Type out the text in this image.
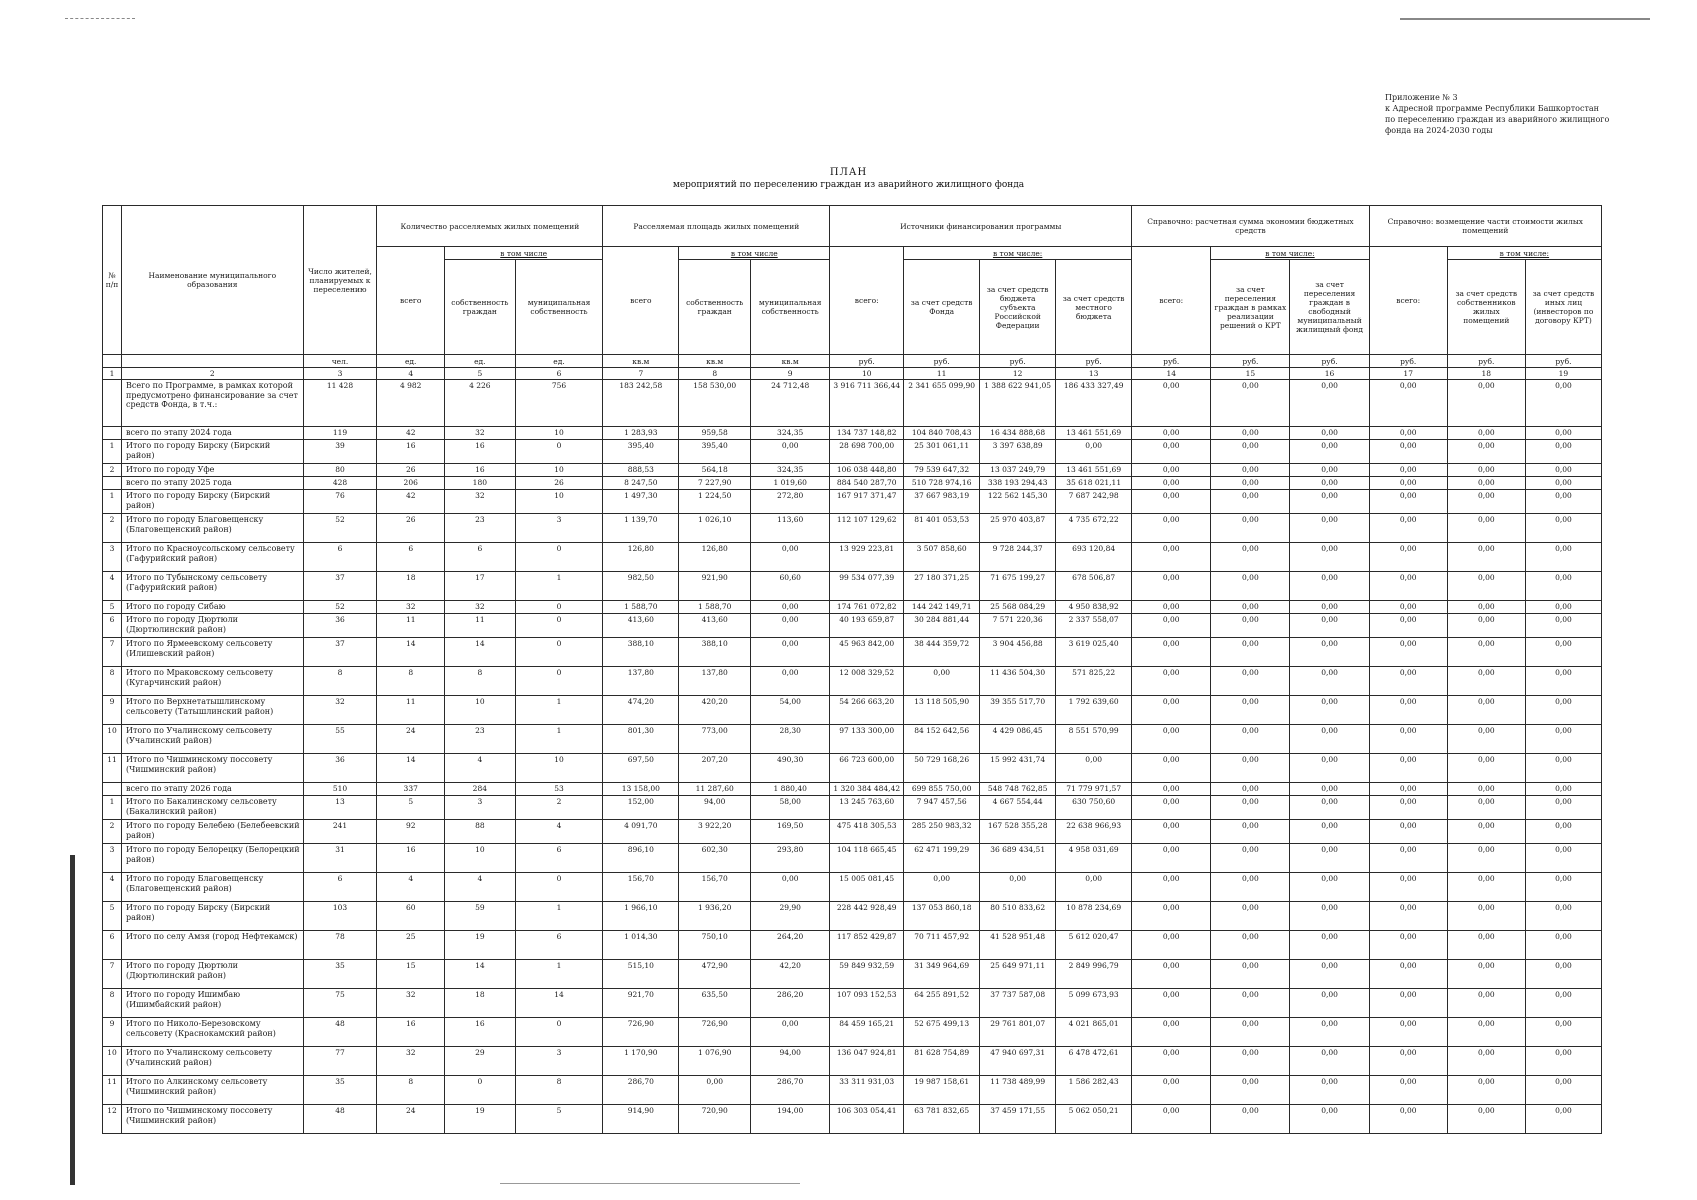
Приложение № 3
к Адресной программе Республики Башкортостан
по переселению граждан из аварийного жилищного
фонда на 2024-2030 годы
ПЛАН
мероприятий по переселению граждан из аварийного жилищного фонда
№ п/п	Наименование муниципального образования	Число жителей, планируемых к переселению	Количество расселяемых жилых помещений			Расселяемая площадь жилых помещений			Источники финансирования программы				Справочно: расчетная сумма экономии бюджетных средств			Справочно: возмещение части стоимости жилых помещений		
			всего	в том числе		всего	в том числе		всего:	в том числе:			всего:	в том числе:		всего:	в том числе:	
				собственность граждан	муниципальная собственность		собственность граждан	муниципальная собственность		за счет средств Фонда	за счет средств бюджета субъекта Российской Федерации	за счет средств местного бюджета		за счет переселения граждан в рамках реализации решений о КРТ	за счет переселения граждан в свободный муниципальный жилищный фонд		за счет средств собственников жилых помещений	за счет средств иных лиц (инвесторов по договору КРТ)
		чел.	ед.	ед.	ед.	кв.м	кв.м	кв.м	руб.	руб.	руб.	руб.	руб.	руб.	руб.	руб.	руб.	руб.
1	2	3	4	5	6	7	8	9	10	11	12	13	14	15	16	17	18	19
	Всего по Программе, в рамках которой предусмотрено финансирование за счет средств Фонда, в т.ч.:	11 428	4 982	4 226	756	183 242,58	158 530,00	24 712,48	3 916 711 366,44	2 341 655 099,90	1 388 622 941,05	186 433 327,49	0,00	0,00	0,00	0,00	0,00	0,00
	всего по этапу 2024 года	119	42	32	10	1 283,93	959,58	324,35	134 737 148,82	104 840 708,43	16 434 888,68	13 461 551,69	0,00	0,00	0,00	0,00	0,00	0,00
1	Итого по городу Бирску (Бирский район)	39	16	16	0	395,40	395,40	0,00	28 698 700,00	25 301 061,11	3 397 638,89	0,00	0,00	0,00	0,00	0,00	0,00	0,00
2	Итого по городу Уфе	80	26	16	10	888,53	564,18	324,35	106 038 448,80	79 539 647,32	13 037 249,79	13 461 551,69	0,00	0,00	0,00	0,00	0,00	0,00
	всего по этапу 2025 года	428	206	180	26	8 247,50	7 227,90	1 019,60	884 540 287,70	510 728 974,16	338 193 294,43	35 618 021,11	0,00	0,00	0,00	0,00	0,00	0,00
1	Итого по городу Бирску (Бирский район)	76	42	32	10	1 497,30	1 224,50	272,80	167 917 371,47	37 667 983,19	122 562 145,30	7 687 242,98	0,00	0,00	0,00	0,00	0,00	0,00
2	Итого по городу Благовещенску (Благовещенский район)	52	26	23	3	1 139,70	1 026,10	113,60	112 107 129,62	81 401 053,53	25 970 403,87	4 735 672,22	0,00	0,00	0,00	0,00	0,00	0,00
3	Итого по Красноусольскому сельсовету (Гафурийский район)	6	6	6	0	126,80	126,80	0,00	13 929 223,81	3 507 858,60	9 728 244,37	693 120,84	0,00	0,00	0,00	0,00	0,00	0,00
4	Итого по Тубынскому сельсовету (Гафурийский район)	37	18	17	1	982,50	921,90	60,60	99 534 077,39	27 180 371,25	71 675 199,27	678 506,87	0,00	0,00	0,00	0,00	0,00	0,00
5	Итого по городу Сибаю	52	32	32	0	1 588,70	1 588,70	0,00	174 761 072,82	144 242 149,71	25 568 084,29	4 950 838,92	0,00	0,00	0,00	0,00	0,00	0,00
6	Итого по городу Дюртюли (Дюртюлинский район)	36	11	11	0	413,60	413,60	0,00	40 193 659,87	30 284 881,44	7 571 220,36	2 337 558,07	0,00	0,00	0,00	0,00	0,00	0,00
7	Итого по Ярмеевскому сельсовету (Илишевский район)	37	14	14	0	388,10	388,10	0,00	45 963 842,00	38 444 359,72	3 904 456,88	3 619 025,40	0,00	0,00	0,00	0,00	0,00	0,00
8	Итого по Мраковскому сельсовету (Кугарчинский район)	8	8	8	0	137,80	137,80	0,00	12 008 329,52	0,00	11 436 504,30	571 825,22	0,00	0,00	0,00	0,00	0,00	0,00
9	Итого по Верхнетатышлинскому сельсовету (Татышлинский район)	32	11	10	1	474,20	420,20	54,00	54 266 663,20	13 118 505,90	39 355 517,70	1 792 639,60	0,00	0,00	0,00	0,00	0,00	0,00
10	Итого по Учалинскому сельсовету (Учалинский район)	55	24	23	1	801,30	773,00	28,30	97 133 300,00	84 152 642,56	4 429 086,45	8 551 570,99	0,00	0,00	0,00	0,00	0,00	0,00
11	Итого по Чишминскому поссовету (Чишминский район)	36	14	4	10	697,50	207,20	490,30	66 723 600,00	50 729 168,26	15 992 431,74	0,00	0,00	0,00	0,00	0,00	0,00	0,00
	всего по этапу 2026 года	510	337	284	53	13 158,00	11 287,60	1 880,40	1 320 384 484,42	699 855 750,00	548 748 762,85	71 779 971,57	0,00	0,00	0,00	0,00	0,00	0,00
1	Итого по Бакалинскому сельсовету (Бакалинский район)	13	5	3	2	152,00	94,00	58,00	13 245 763,60	7 947 457,56	4 667 554,44	630 750,60	0,00	0,00	0,00	0,00	0,00	0,00
2	Итого по городу Белебею (Белебеевский район)	241	92	88	4	4 091,70	3 922,20	169,50	475 418 305,53	285 250 983,32	167 528 355,28	22 638 966,93	0,00	0,00	0,00	0,00	0,00	0,00
3	Итого по городу Белорецку (Белорецкий район)	31	16	10	6	896,10	602,30	293,80	104 118 665,45	62 471 199,29	36 689 434,51	4 958 031,69	0,00	0,00	0,00	0,00	0,00	0,00
4	Итого по городу Благовещенску (Благовещенский район)	6	4	4	0	156,70	156,70	0,00	15 005 081,45	0,00	0,00	0,00	0,00	0,00	0,00	0,00	0,00	0,00
5	Итого по городу Бирску (Бирский район)	103	60	59	1	1 966,10	1 936,20	29,90	228 442 928,49	137 053 860,18	80 510 833,62	10 878 234,69	0,00	0,00	0,00	0,00	0,00	0,00
6	Итого по селу Амзя (город Нефтекамск)	78	25	19	6	1 014,30	750,10	264,20	117 852 429,87	70 711 457,92	41 528 951,48	5 612 020,47	0,00	0,00	0,00	0,00	0,00	0,00
7	Итого по городу Дюртюли (Дюртюлинский район)	35	15	14	1	515,10	472,90	42,20	59 849 932,59	31 349 964,69	25 649 971,11	2 849 996,79	0,00	0,00	0,00	0,00	0,00	0,00
8	Итого по городу Ишимбаю (Ишимбайский район)	75	32	18	14	921,70	635,50	286,20	107 093 152,53	64 255 891,52	37 737 587,08	5 099 673,93	0,00	0,00	0,00	0,00	0,00	0,00
9	Итого по Николо-Березовскому сельсовету (Краснокамский район)	48	16	16	0	726,90	726,90	0,00	84 459 165,21	52 675 499,13	29 761 801,07	4 021 865,01	0,00	0,00	0,00	0,00	0,00	0,00
10	Итого по Учалинскому сельсовету (Учалинский район)	77	32	29	3	1 170,90	1 076,90	94,00	136 047 924,81	81 628 754,89	47 940 697,31	6 478 472,61	0,00	0,00	0,00	0,00	0,00	0,00
11	Итого по Алкинскому сельсовету (Чишминский район)	35	8	0	8	286,70	0,00	286,70	33 311 931,03	19 987 158,61	11 738 489,99	1 586 282,43	0,00	0,00	0,00	0,00	0,00	0,00
12	Итого по Чишминскому поссовету (Чишминский район)	48	24	19	5	914,90	720,90	194,00	106 303 054,41	63 781 832,65	37 459 171,55	5 062 050,21	0,00	0,00	0,00	0,00	0,00	0,00
